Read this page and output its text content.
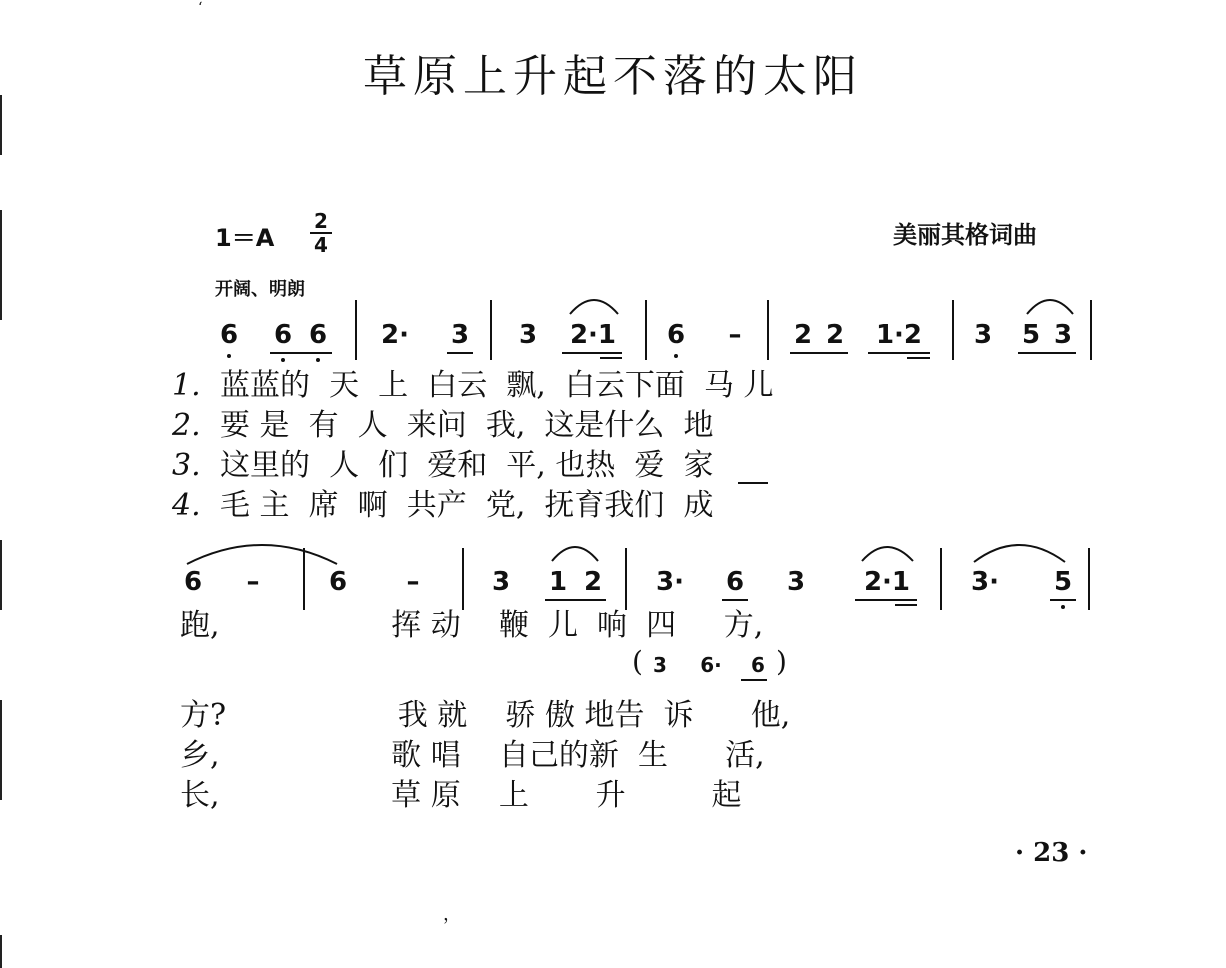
‘
，
草原上升起不落的太阳
1＝A
2
4	美丽其格词曲
开阔、明朗
6 6 6 2· 3 3	2·1	6 – 2 2	1·2	3 5 3
1. 蓝蓝的  天  上  白云  飘,  白云下面  马 儿
2. 要 是  有  人  来问  我,  这是什么  地
3. 这里的  人  们  爱和  平, 也热  爱  家
4. 毛 主  席  啊  共产  党,  抚育我们  成
6 –	6 –	3 1 2 3· 6 3	2·1	3· 5
跑,                  挥 动    鞭  儿  响  四     方,
( 3	6·	6 )
方?                  我 就    骄 傲 地告  诉      他,
乡,                  歌 唱    自己的新  生      活,
长,                  草 原    上       升         起
· 23 ·
